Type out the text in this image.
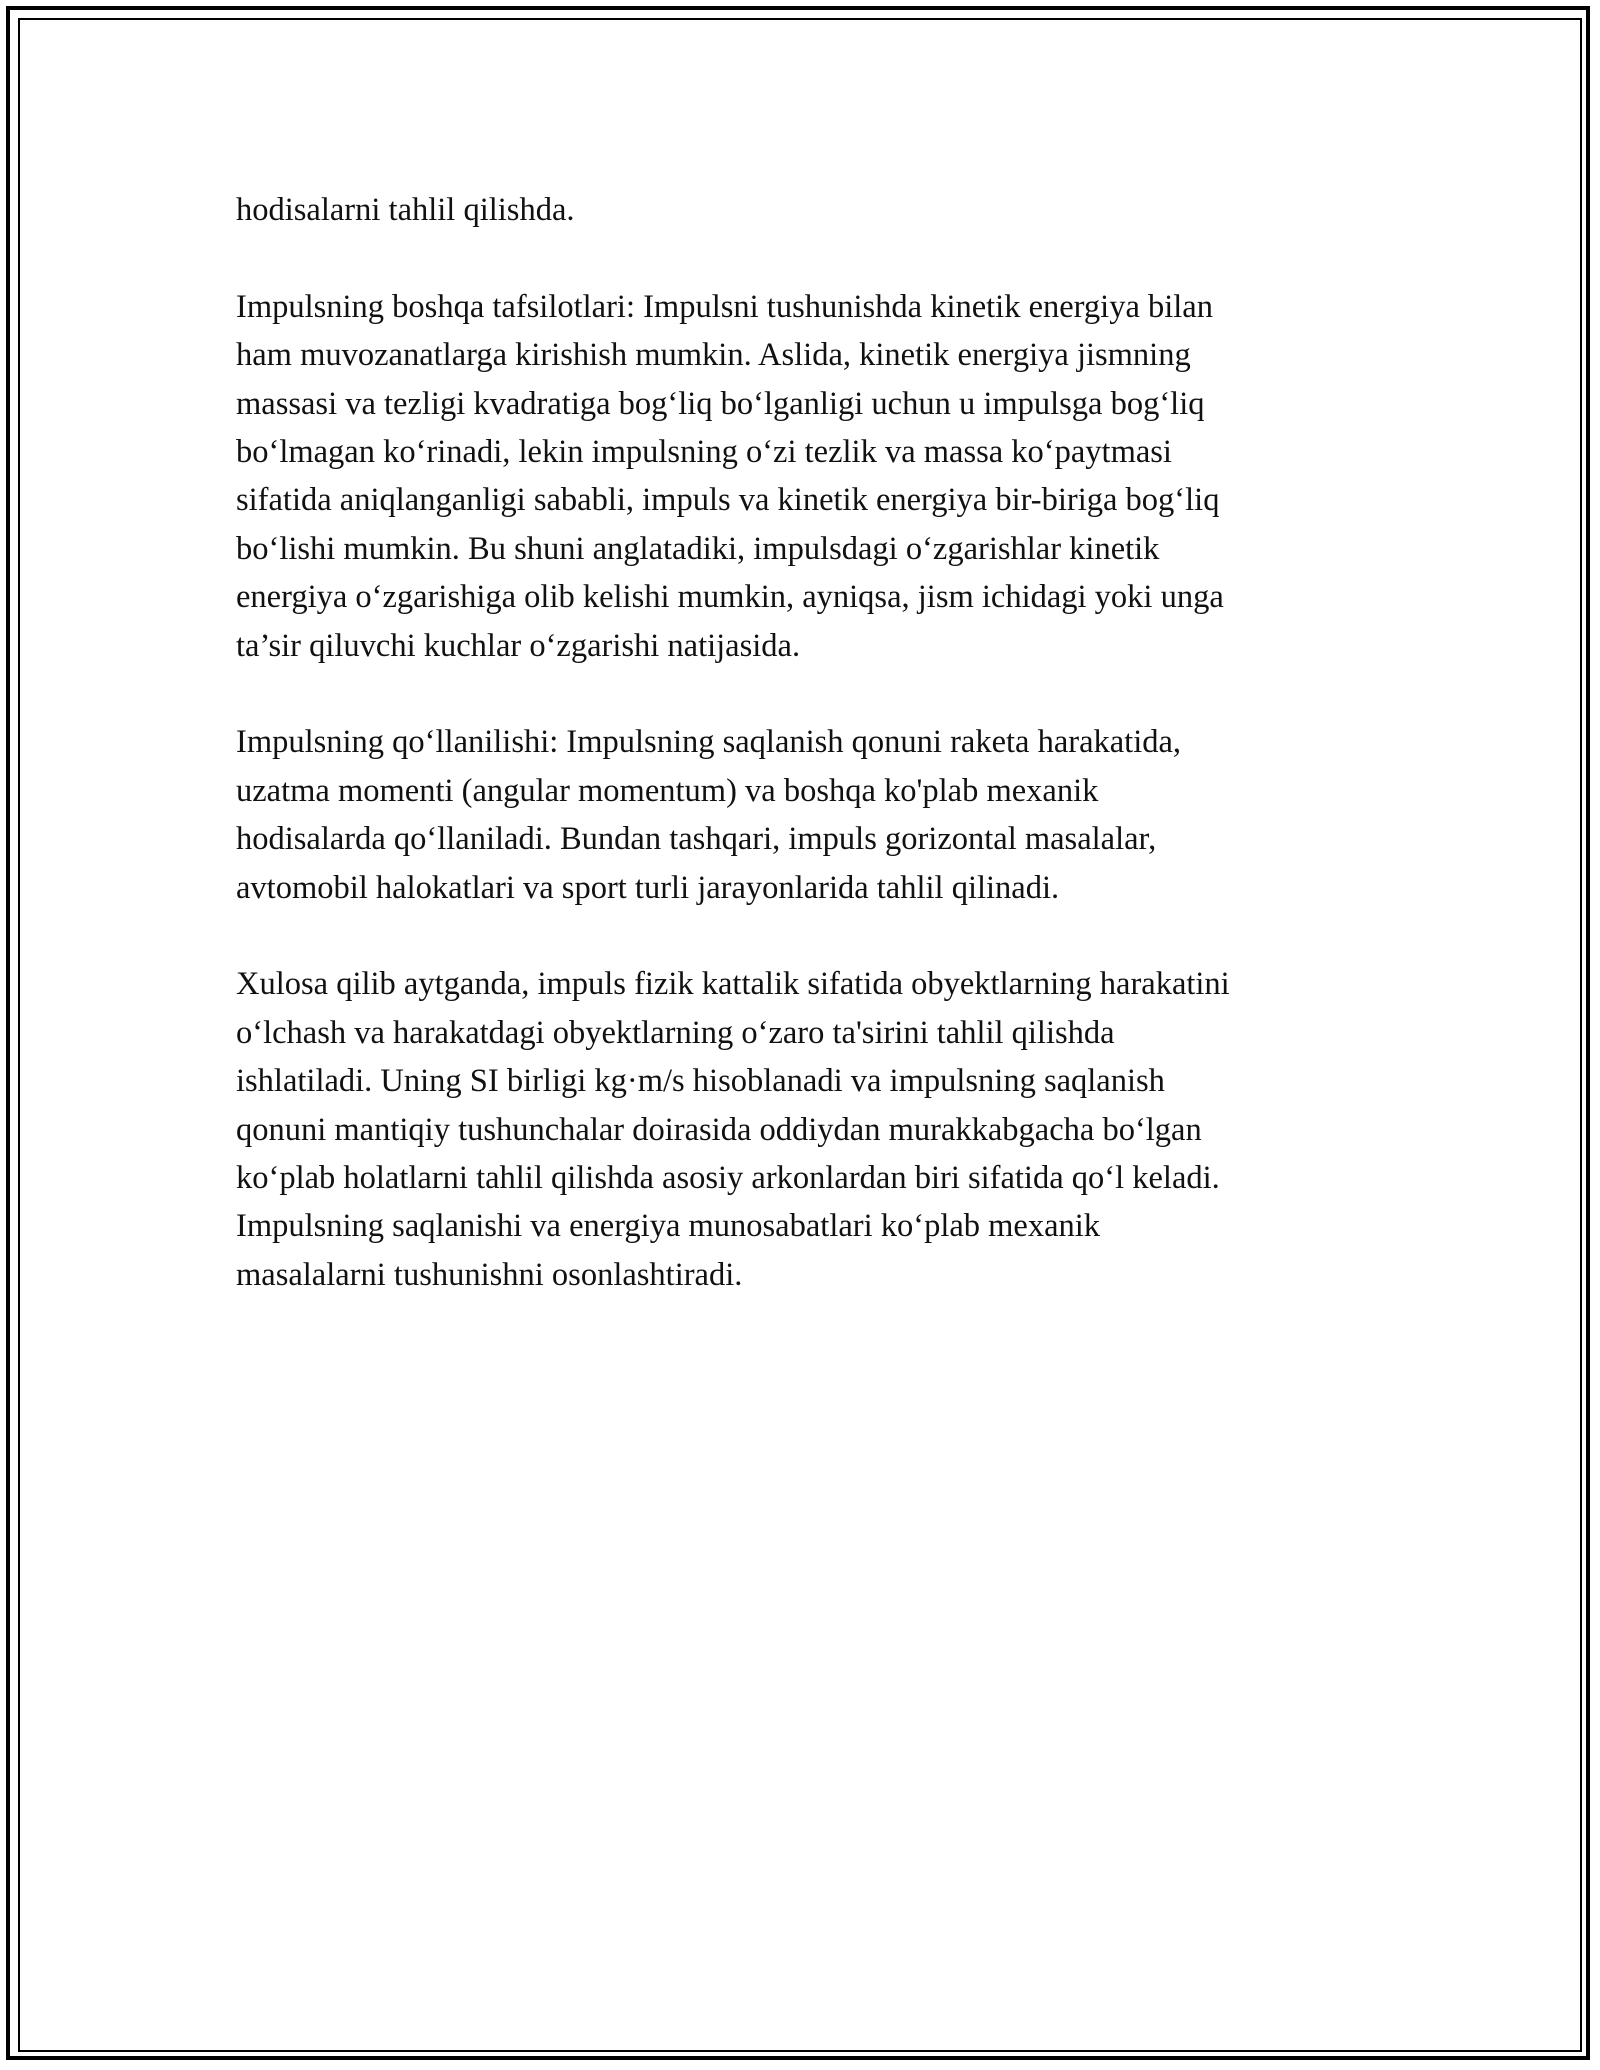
hodisalarni tahlil qilishda.

Impulsning boshqa tafsilotlari: Impulsni tushunishda kinetik energiya bilan
ham muvozanatlarga kirishish mumkin. Aslida, kinetik energiya jismning
massasi va tezligi kvadratiga bog‘liq bo‘lganligi uchun u impulsga bog‘liq
bo‘lmagan ko‘rinadi, lekin impulsning o‘zi tezlik va massa ko‘paytmasi
sifatida aniqlanganligi sababli, impuls va kinetik energiya bir-biriga bog‘liq
bo‘lishi mumkin. Bu shuni anglatadiki, impulsdagi o‘zgarishlar kinetik
energiya o‘zgarishiga olib kelishi mumkin, ayniqsa, jism ichidagi yoki unga
ta’sir qiluvchi kuchlar o‘zgarishi natijasida.

Impulsning qo‘llanilishi: Impulsning saqlanish qonuni raketa harakatida,
uzatma momenti (angular momentum) va boshqa ko'plab mexanik
hodisalarda qo‘llaniladi. Bundan tashqari, impuls gorizontal masalalar,
avtomobil halokatlari va sport turli jarayonlarida tahlil qilinadi.

Xulosa qilib aytganda, impuls fizik kattalik sifatida obyektlarning harakatini
o‘lchash va harakatdagi obyektlarning o‘zaro ta'sirini tahlil qilishda
ishlatiladi. Uning SI birligi kg·m/s hisoblanadi va impulsning saqlanish
qonuni mantiqiy tushunchalar doirasida oddiydan murakkabgacha bo‘lgan
ko‘plab holatlarni tahlil qilishda asosiy arkonlardan biri sifatida qo‘l keladi.
Impulsning saqlanishi va energiya munosabatlari ko‘plab mexanik
masalalarni tushunishni osonlashtiradi.
